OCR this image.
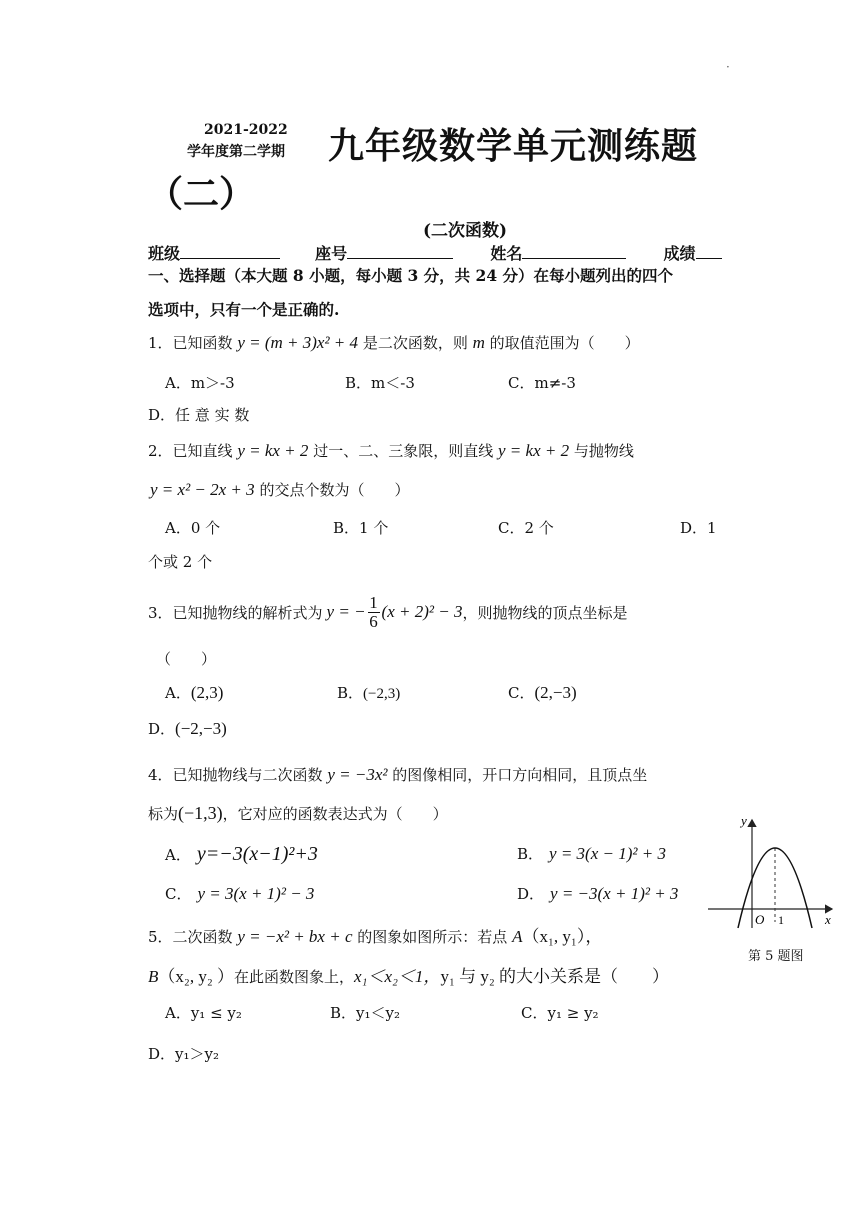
·
2021-2022
学年度第二学期 九年级数学单元测练题
（二）
(二次函数)
班级	座号	姓名	成绩
一、选择题（本大题 8 小题，每小题 3 分，共 24 分）在每小题列出的四个
选项中，只有一个是正确的.
1．已知函数 y = (m + 3)x² + 4 是二次函数，则 m 的取值范围为（　　）
A．m＞-3	B．m＜-3	C．m≠-3
D．任 意 实 数
2．已知直线 y = kx + 2 过一、二、三象限，则直线 y = kx + 2 与抛物线
y = x² − 2x + 3 的交点个数为（　　）
A．0 个	B．1 个	C．2 个	D．1
个或 2 个
3．已知抛物线的解析式为 y = − 1
6 (x + 2)² − 3 ，则抛物线的顶点坐标是
（　　）
A．(2,3)	B．(−2,3)	C．(2,−3)
D．(−2,−3)
4．已知抛物线与二次函数 y = −3x² 的图像相同，开口方向相同，且顶点坐
标为(−1,3)，它对应的函数表达式为（　　）
A． y=−3(x−1)²+3	B． y = 3(x − 1)² + 3
C． y = 3(x + 1)² − 3	D． y = −3(x + 1)² + 3
5．二次函数 y = −x² + bx + c 的图象如图所示：若点 A（x₁, y₁），
B（x₂, y₂ ）在此函数图象上，x₁＜x₂＜1，y₁ 与 y₂ 的大小关系是（　　）
A．y₁ ≤ y₂	B．y₁＜y₂	C．y₁ ≥ y₂
D．y₁＞y₂
y
x
O 1
第 5 题图
